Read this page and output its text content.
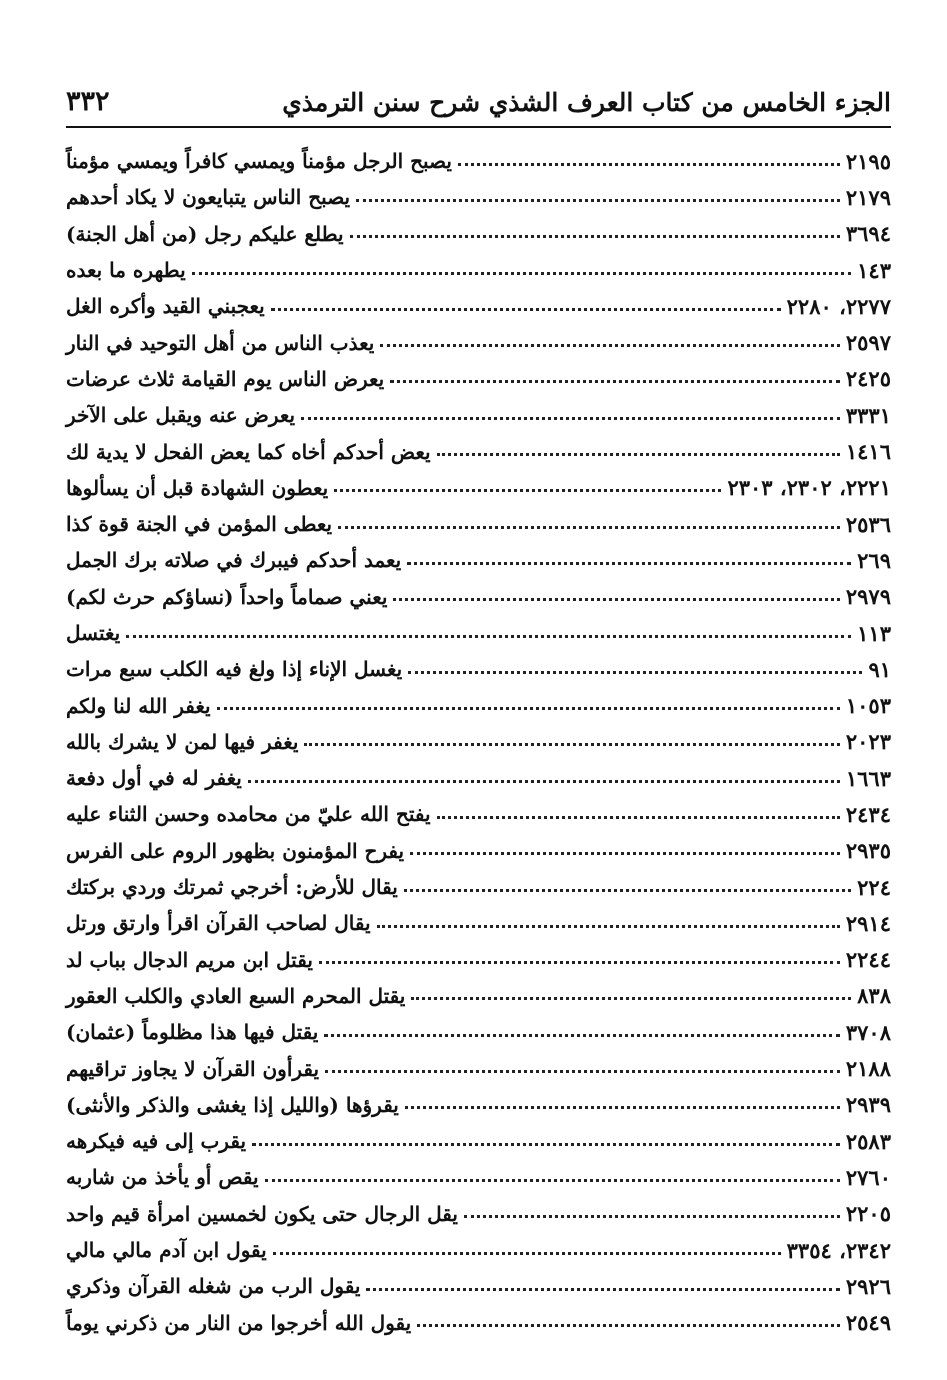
الجزء الخامس من كتاب العرف الشذي شرح سنن الترمذي
٣٣٢
يصبح الرجل مؤمناً ويمسي كافراً ويمسي مؤمناً	٢١٩٥
يصبح الناس يتبايعون لا يكاد أحدهم	٢١٧٩
يطلع عليكم رجل (من أهل الجنة)	٣٦٩٤
يطهره ما بعده	١٤٣
يعجبني القيد وأكره الغل	٢٢٧٧، ٢٢٨٠
يعذب الناس من أهل التوحيد في النار	٢٥٩٧
يعرض الناس يوم القيامة ثلاث عرضات	٢٤٢٥
يعرض عنه ويقبل على الآخر	٣٣٣١
يعض أحدكم أخاه كما يعض الفحل لا يدية لك	١٤١٦
يعطون الشهادة قبل أن يسألوها	٢٢٢١، ٢٣٠٢، ٢٣٠٣
يعطى المؤمن في الجنة قوة كذا	٢٥٣٦
يعمد أحدكم فيبرك في صلاته برك الجمل	٢٦٩
يعني صماماً واحداً (نساؤكم حرث لكم)	٢٩٧٩
يغتسل	١١٣
يغسل الإناء إذا ولغ فيه الكلب سبع مرات	٩١
يغفر الله لنا ولكم	١٠٥٣
يغفر فيها لمن لا يشرك بالله	٢٠٢٣
يغفر له في أول دفعة	١٦٦٣
يفتح الله عليّ من محامده وحسن الثناء عليه	٢٤٣٤
يفرح المؤمنون بظهور الروم على الفرس	٢٩٣٥
يقال للأرض: أخرجي ثمرتك وردي بركتك	٢٢٤
يقال لصاحب القرآن اقرأ وارتق ورتل	٢٩١٤
يقتل ابن مريم الدجال بباب لد	٢٢٤٤
يقتل المحرم السبع العادي والكلب العقور	٨٣٨
يقتل فيها هذا مظلوماً (عثمان)	٣٧٠٨
يقرأون القرآن لا يجاوز تراقيهم	٢١٨٨
يقرؤها (والليل إذا يغشى والذكر والأنثى)	٢٩٣٩
يقرب إلى فيه فيكرهه	٢٥٨٣
يقص أو يأخذ من شاربه	٢٧٦٠
يقل الرجال حتى يكون لخمسين امرأة قيم واحد	٢٢٠٥
يقول ابن آدم مالي مالي	٢٣٤٢، ٣٣٥٤
يقول الرب من شغله القرآن وذكري	٢٩٢٦
يقول الله أخرجوا من النار من ذكرني يوماً	٢٥٤٩
